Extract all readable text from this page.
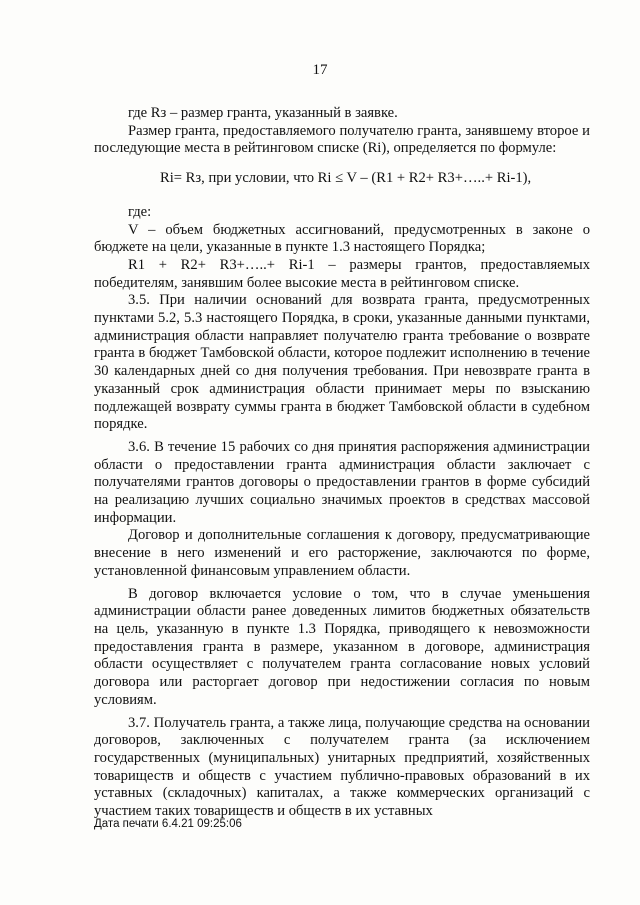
17

где Rз – размер гранта, указанный в заявке.

Размер гранта, предоставляемого получателю гранта, занявшему второе и последующие места в рейтинговом списке (Ri), определяется по формуле:

Ri= Rз, при условии, что Ri ≤ V – (R1 + R2+ R3+…..+ Ri-1),

где:

V – объем бюджетных ассигнований, предусмотренных в законе о бюджете на цели, указанные в пункте 1.3 настоящего Порядка;

R1 + R2+ R3+…..+ Ri-1 – размеры грантов, предоставляемых победителям, занявшим более высокие места в рейтинговом списке.

3.5. При наличии оснований для возврата гранта, предусмотренных пунктами 5.2, 5.3 настоящего Порядка, в сроки, указанные данными пунктами, администрация области направляет получателю гранта требование о возврате гранта в бюджет Тамбовской области, которое подлежит исполнению в течение 30 календарных дней со дня получения требования. При невозврате гранта в указанный срок администрация области принимает меры по взысканию подлежащей возврату суммы гранта в бюджет Тамбовской области в судебном порядке.

3.6. В течение 15 рабочих со дня принятия распоряжения администрации области о предоставлении гранта администрация области заключает с получателями грантов договоры о предоставлении грантов в форме субсидий на реализацию лучших социально значимых проектов в средствах массовой информации.

Договор и дополнительные соглашения к договору, предусматривающие внесение в него изменений и его расторжение, заключаются по форме, установленной финансовым управлением области.

В договор включается условие о том, что в случае уменьшения администрации области ранее доведенных лимитов бюджетных обязательств на цель, указанную в пункте 1.3 Порядка, приводящего к невозможности предоставления гранта в размере, указанном в договоре, администрация области осуществляет с получателем гранта согласование новых условий договора или расторгает договор при недостижении согласия по новым условиям.

3.7. Получатель гранта, а также лица, получающие средства на основании договоров, заключенных с получателем гранта (за исключением государственных (муниципальных) унитарных предприятий, хозяйственных товариществ и обществ с участием публично-правовых образований в их уставных (складочных) капиталах, а также коммерческих организаций с участием таких товариществ и обществ в их уставных

Дата печати 6.4.21 09:25:06
